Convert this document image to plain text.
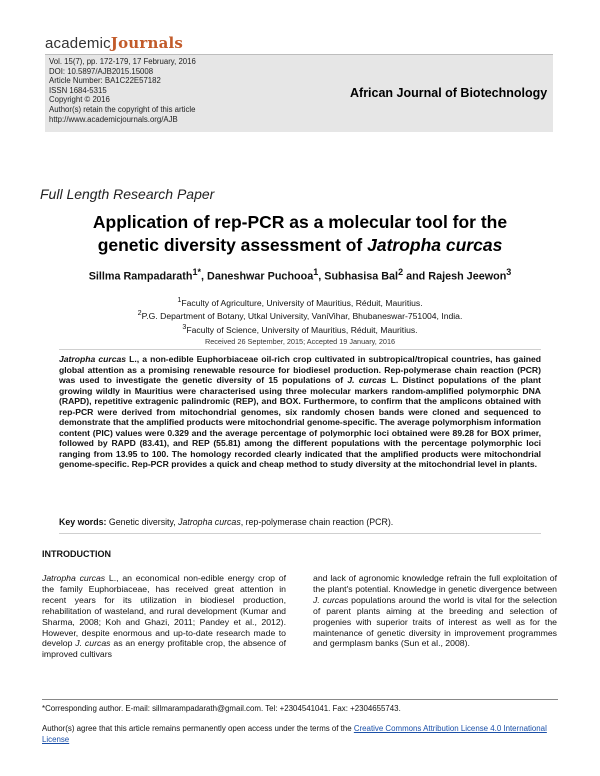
academicJournals
Vol. 15(7), pp. 172-179, 17 February, 2016
DOI: 10.5897/AJB2015.15008
Article Number: BA1C22E57182
ISSN 1684-5315
Copyright © 2016
Author(s) retain the copyright of this article
http://www.academicjournals.org/AJB
African Journal of Biotechnology
Full Length Research Paper
Application of rep-PCR as a molecular tool for the
genetic diversity assessment of Jatropha curcas
Sillma Rampadarath$^{1*}$, Daneshwar Puchooa$^1$, Subhasisa Bal$^2$ and Rajesh Jeewon$^3$
$^1$Faculty of Agriculture, University of Mauritius, Réduit, Mauritius.
$^2$P.G. Department of Botany, Utkal University, VaniVihar, Bhubaneswar-751004, India.
$^3$Faculty of Science, University of Mauritius, Réduit, Mauritius.
Received 26 September, 2015; Accepted 19 January, 2016
Jatropha curcas L., a non-edible Euphorbiaceae oil-rich crop cultivated in subtropical/tropical countries, has gained global attention as a promising renewable resource for biodiesel production. Rep-polymerase chain reaction (PCR) was used to investigate the genetic diversity of 15 populations of J. curcas L. Distinct populations of the plant growing wildly in Mauritius were characterised using three molecular markers random-amplified polymorphic DNA (RAPD), repetitive extragenic palindromic (REP), and BOX. Furthermore, to confirm that the amplicons obtained with rep-PCR were derived from mitochondrial genomes, six randomly chosen bands were cloned and sequenced to demonstrate that the amplified products were mitochondrial genome-specific. The average polymorphism information content (PIC) values were 0.329 and the average percentage of polymorphic loci obtained were 89.28 for BOX primer, followed by RAPD (83.41), and REP (55.81) among the different populations with the percentage polymorphic loci ranging from 13.95 to 100. The homology recorded clearly indicated that the amplified products were mitochondrial genome-specific. Rep-PCR provides a quick and cheap method to study diversity at the mitochondrial level in plants.
Key words: Genetic diversity, Jatropha curcas, rep-polymerase chain reaction (PCR).
INTRODUCTION
Jatropha curcas L., an economical non-edible energy crop of the family Euphorbiaceae, has received great attention in recent years for its utilization in biodiesel production, rehabilitation of wasteland, and rural development (Kumar and Sharma, 2008; Koh and Ghazi, 2011; Pandey et al., 2012). However, despite enormous and up-to-date research made to develop J. curcas as an energy profitable crop, the absence of improved cultivars
and lack of agronomic knowledge refrain the full exploitation of the plant's potential. Knowledge in genetic divergence between J. curcas populations around the world is vital for the selection of parent plants aiming at the breeding and selection of progenies with superior traits of interest as well as for the maintenance of genetic diversity in improvement programmes and germplasm banks (Sun et al., 2008).
*Corresponding author. E-mail: sillmarampadarath@gmail.com. Tel: +2304541041. Fax: +2304655743.
Author(s) agree that this article remains permanently open access under the terms of the Creative Commons Attribution License 4.0 International License
